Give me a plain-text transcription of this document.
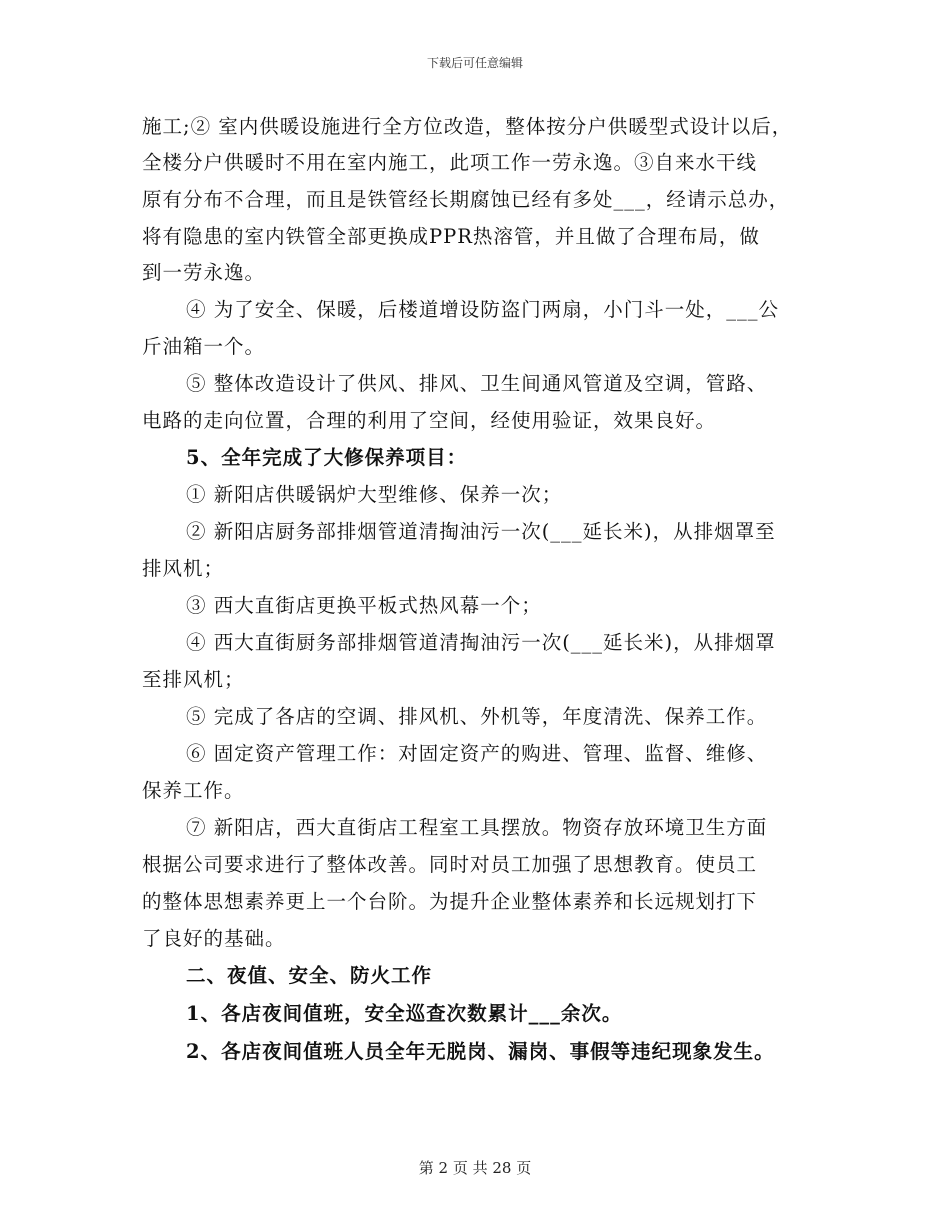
下载后可任意编辑
施工;② 室内供暖设施进行全方位改造，整体按分户供暖型式设计以后，
全楼分户供暖时不用在室内施工，此项工作一劳永逸。③自来水干线
原有分布不合理，而且是铁管经长期腐蚀已经有多处___，经请示总办，
将有隐患的室内铁管全部更换成PPR热溶管，并且做了合理布局，做
到一劳永逸。
④ 为了安全、保暖，后楼道增设防盗门两扇，小门斗一处，___公
斤油箱一个。
⑤ 整体改造设计了供风、排风、卫生间通风管道及空调，管路、
电路的走向位置，合理的利用了空间，经使用验证，效果良好。
5、全年完成了大修保养项目：
① 新阳店供暖锅炉大型维修、保养一次；
② 新阳店厨务部排烟管道清掏油污一次(___延长米)，从排烟罩至
排风机；
③ 西大直街店更换平板式热风幕一个；
④ 西大直街厨务部排烟管道清掏油污一次(___延长米)，从排烟罩
至排风机；
⑤ 完成了各店的空调、排风机、外机等，年度清洗、保养工作。
⑥ 固定资产管理工作：对固定资产的购进、管理、监督、维修、
保养工作。
⑦ 新阳店，西大直街店工程室工具摆放。物资存放环境卫生方面
根据公司要求进行了整体改善。同时对员工加强了思想教育。使员工
的整体思想素养更上一个台阶。为提升企业整体素养和长远规划打下
了良好的基础。
二、夜值、安全、防火工作
1、各店夜间值班，安全巡查次数累计___余次。
2、各店夜间值班人员全年无脱岗、漏岗、事假等违纪现象发生。
第 2 页 共 28 页
